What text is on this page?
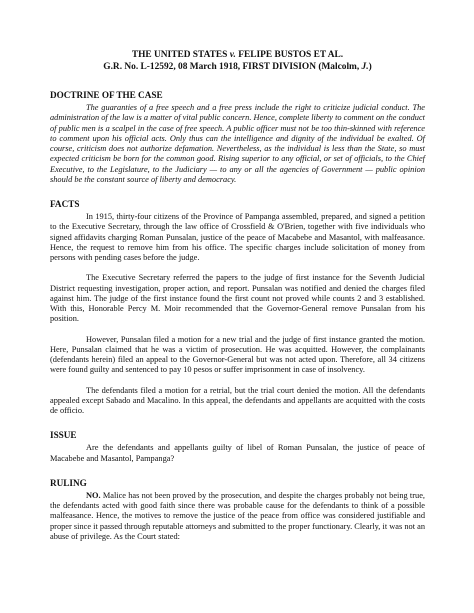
THE UNITED STATES v. FELIPE BUSTOS ET AL.
G.R. No. L-12592, 08 March 1918, FIRST DIVISION (Malcolm, J.)
DOCTRINE OF THE CASE

The guaranties of a free speech and a free press include the right to criticize judicial conduct. The administration of the law is a matter of vital public concern. Hence, complete liberty to comment on the conduct of public men is a scalpel in the case of free speech. A public officer must not be too thin-skinned with reference to comment upon his official acts. Only thus can the intelligence and dignity of the individual be exalted. Of course, criticism does not authorize defamation. Nevertheless, as the individual is less than the State, so must expected criticism be born for the common good. Rising superior to any official, or set of officials, to the Chief Executive, to the Legislature, to the Judiciary — to any or all the agencies of Government — public opinion should be the constant source of liberty and democracy.

FACTS

In 1915, thirty-four citizens of the Province of Pampanga assembled, prepared, and signed a petition to the Executive Secretary, through the law office of Crossfield & O'Brien, together with five individuals who signed affidavits charging Roman Punsalan, justice of the peace of Macabebe and Masantol, with malfeasance. Hence, the request to remove him from his office. The specific charges include solicitation of money from persons with pending cases before the judge.

The Executive Secretary referred the papers to the judge of first instance for the Seventh Judicial District requesting investigation, proper action, and report. Punsalan was notified and denied the charges filed against him. The judge of the first instance found the first count not proved while counts 2 and 3 established. With this, Honorable Percy M. Moir recommended that the Governor-General remove Punsalan from his position.

However, Punsalan filed a motion for a new trial and the judge of first instance granted the motion. Here, Punsalan claimed that he was a victim of prosecution. He was acquitted. However, the complainants (defendants herein) filed an appeal to the Governor-General but was not acted upon. Therefore, all 34 citizens were found guilty and sentenced to pay 10 pesos or suffer imprisonment in case of insolvency.

The defendants filed a motion for a retrial, but the trial court denied the motion. All the defendants appealed except Sabado and Macalino. In this appeal, the defendants and appellants are acquitted with the costs de officio.

ISSUE

Are the defendants and appellants guilty of libel of Roman Punsalan, the justice of peace of Macabebe and Masantol, Pampanga?

RULING

NO. Malice has not been proved by the prosecution, and despite the charges probably not being true, the defendants acted with good faith since there was probable cause for the defendants to think of a possible malfeasance. Hence, the motives to remove the justice of the peace from office was considered justifiable and proper since it passed through reputable attorneys and submitted to the proper functionary. Clearly, it was not an abuse of privilege. As the Court stated:
